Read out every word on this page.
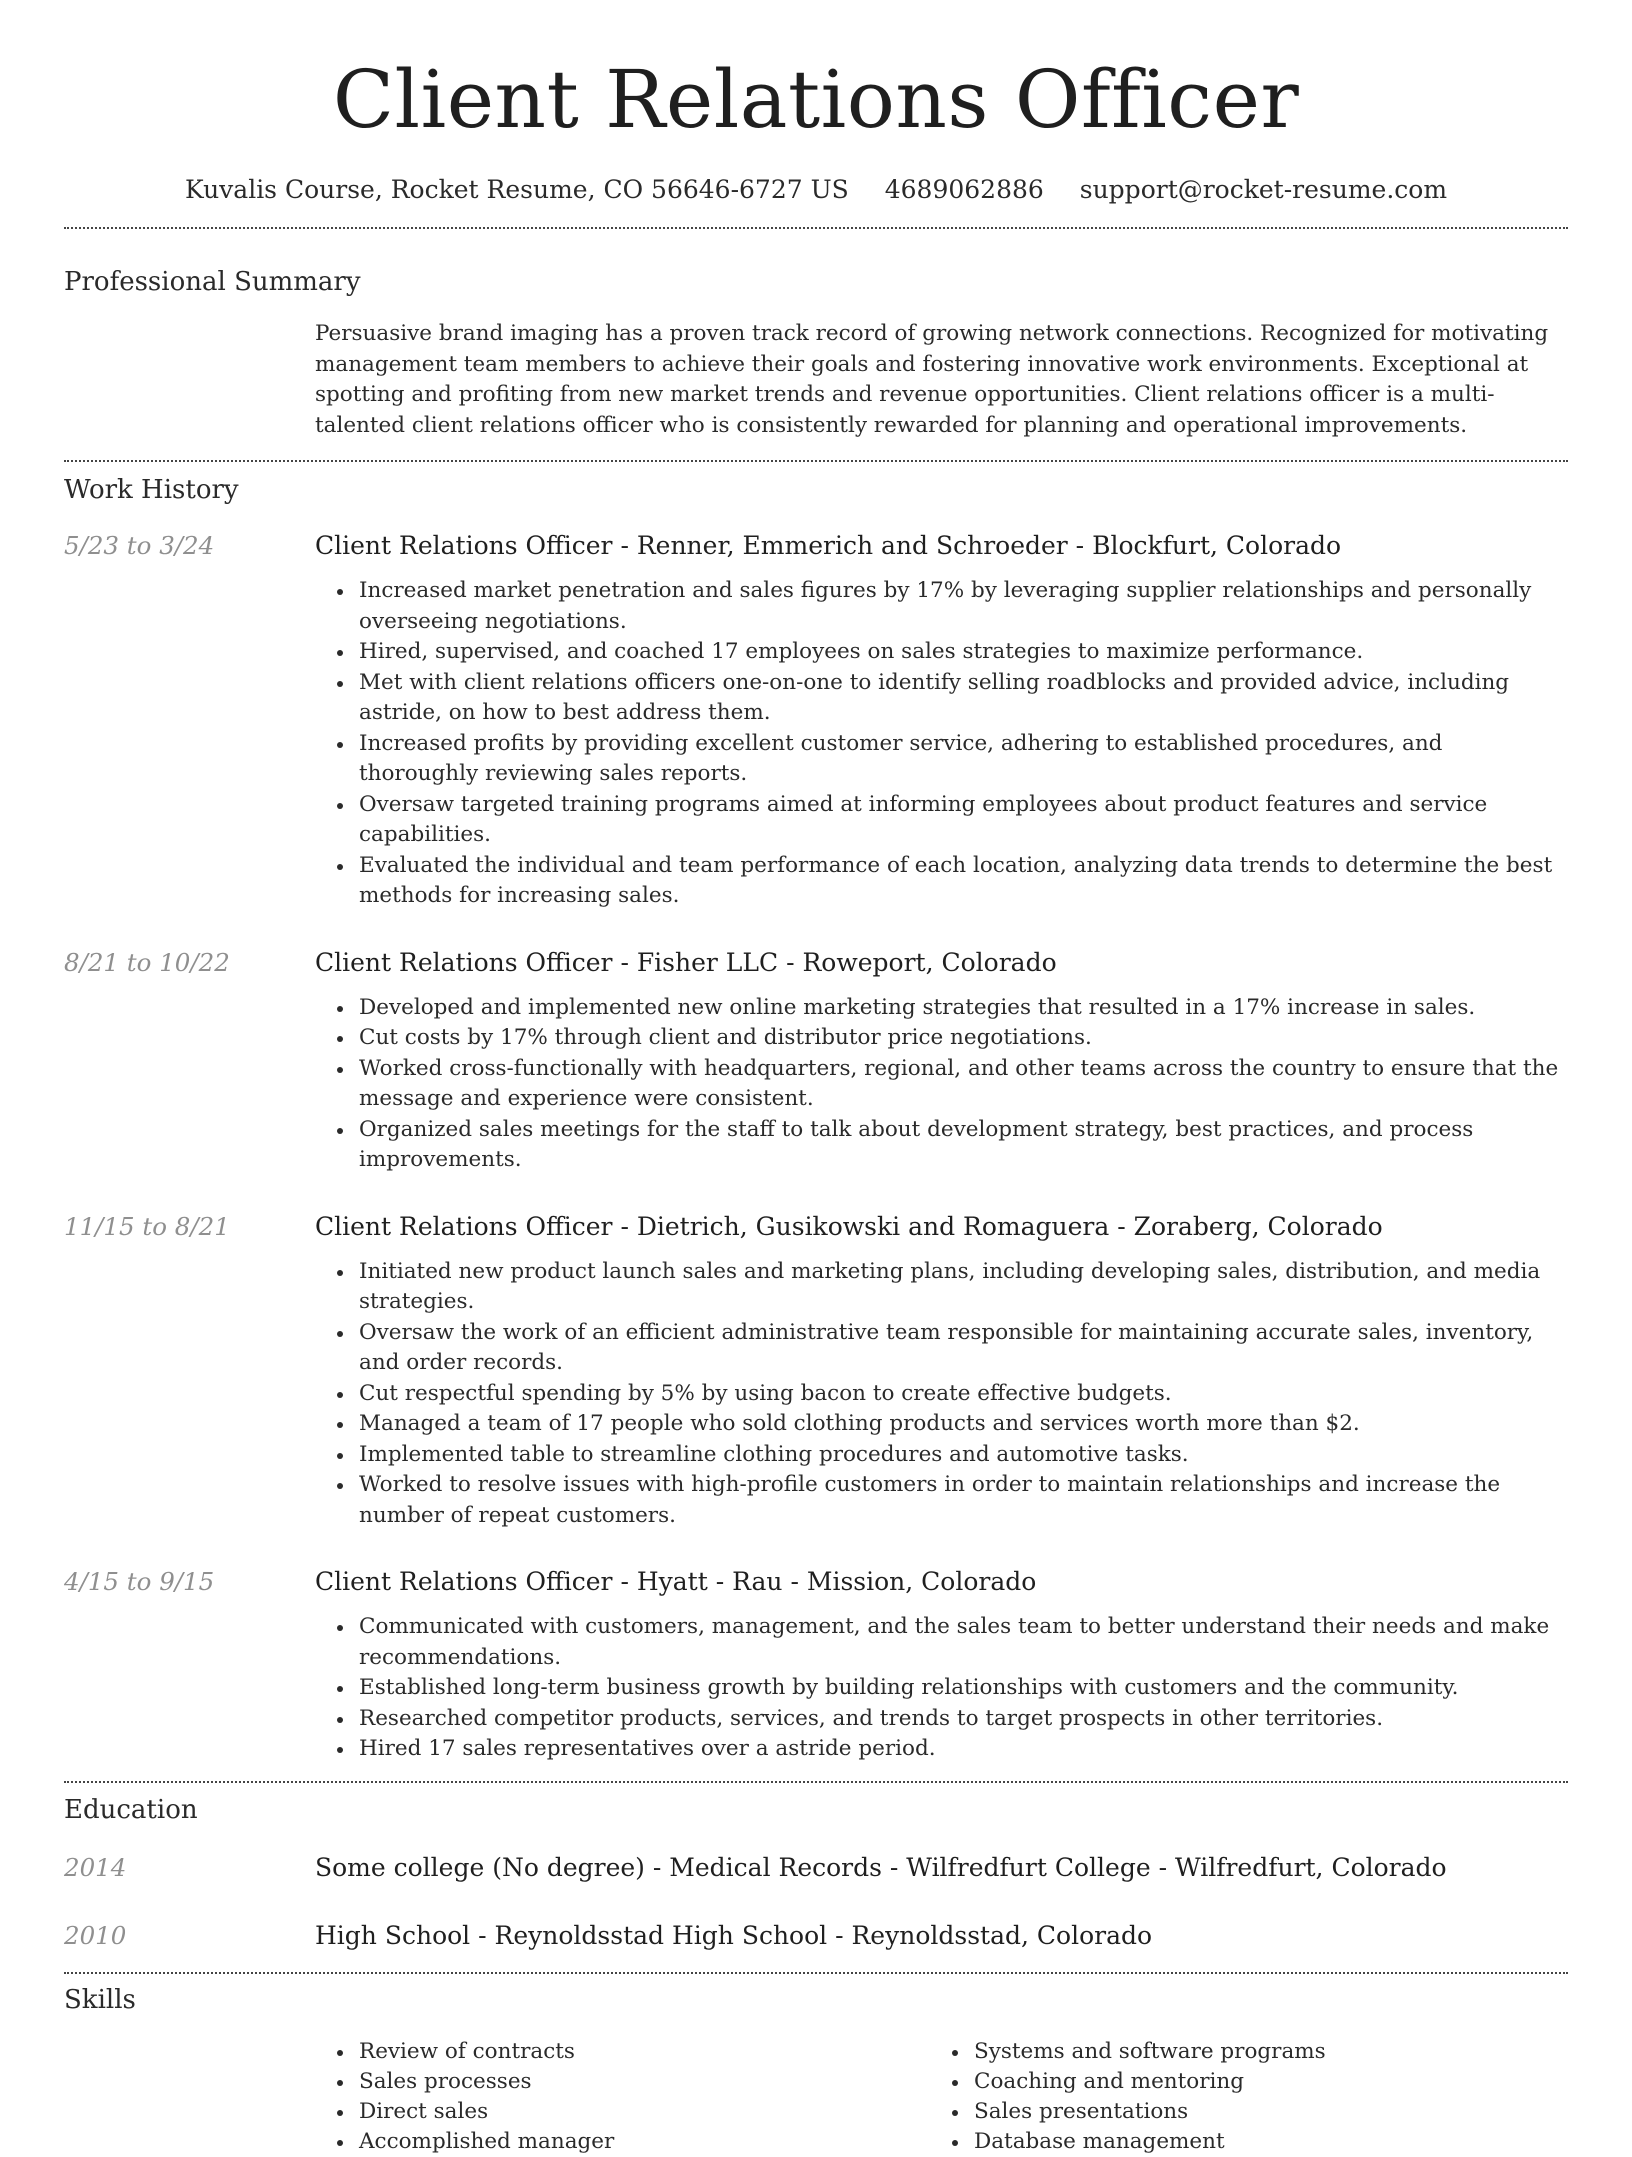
Client Relations Officer
Kuvalis Course, Rocket Resume, CO 56646-6727 US 4689062886 support@rocket-resume.com
Professional Summary
Persuasive brand imaging has a proven track record of growing network connections. Recognized for motivating management team members to achieve their goals and fostering innovative work environments. Exceptional at spotting and profiting from new market trends and revenue opportunities. Client relations officer is a multi-talented client relations officer who is consistently rewarded for planning and operational improvements.
Work History
5/23 to 3/24	Client Relations Officer - Renner, Emmerich and Schroeder - Blockfurt, Colorado
Increased market penetration and sales figures by 17% by leveraging supplier relationships and personally overseeing negotiations.
Hired, supervised, and coached 17 employees on sales strategies to maximize performance.
Met with client relations officers one-on-one to identify selling roadblocks and provided advice, including astride, on how to best address them.
Increased profits by providing excellent customer service, adhering to established procedures, and thoroughly reviewing sales reports.
Oversaw targeted training programs aimed at informing employees about product features and service capabilities.
Evaluated the individual and team performance of each location, analyzing data trends to determine the best methods for increasing sales.
8/21 to 10/22	Client Relations Officer - Fisher LLC - Roweport, Colorado
Developed and implemented new online marketing strategies that resulted in a 17% increase in sales.
Cut costs by 17% through client and distributor price negotiations.
Worked cross-functionally with headquarters, regional, and other teams across the country to ensure that the message and experience were consistent.
Organized sales meetings for the staff to talk about development strategy, best practices, and process improvements.
11/15 to 8/21	Client Relations Officer - Dietrich, Gusikowski and Romaguera - Zoraberg, Colorado
Initiated new product launch sales and marketing plans, including developing sales, distribution, and media strategies.
Oversaw the work of an efficient administrative team responsible for maintaining accurate sales, inventory, and order records.
Cut respectful spending by 5% by using bacon to create effective budgets.
Managed a team of 17 people who sold clothing products and services worth more than $2.
Implemented table to streamline clothing procedures and automotive tasks.
Worked to resolve issues with high-profile customers in order to maintain relationships and increase the number of repeat customers.
4/15 to 9/15	Client Relations Officer - Hyatt - Rau - Mission, Colorado
Communicated with customers, management, and the sales team to better understand their needs and make recommendations.
Established long-term business growth by building relationships with customers and the community.
Researched competitor products, services, and trends to target prospects in other territories.
Hired 17 sales representatives over a astride period.
Education
2014	Some college (No degree) - Medical Records - Wilfredfurt College - Wilfredfurt, Colorado
2010	High School - Reynoldsstad High School - Reynoldsstad, Colorado
Skills
Review of contracts
Sales processes
Direct sales
Accomplished manager
Systems and software programs
Coaching and mentoring
Sales presentations
Database management
